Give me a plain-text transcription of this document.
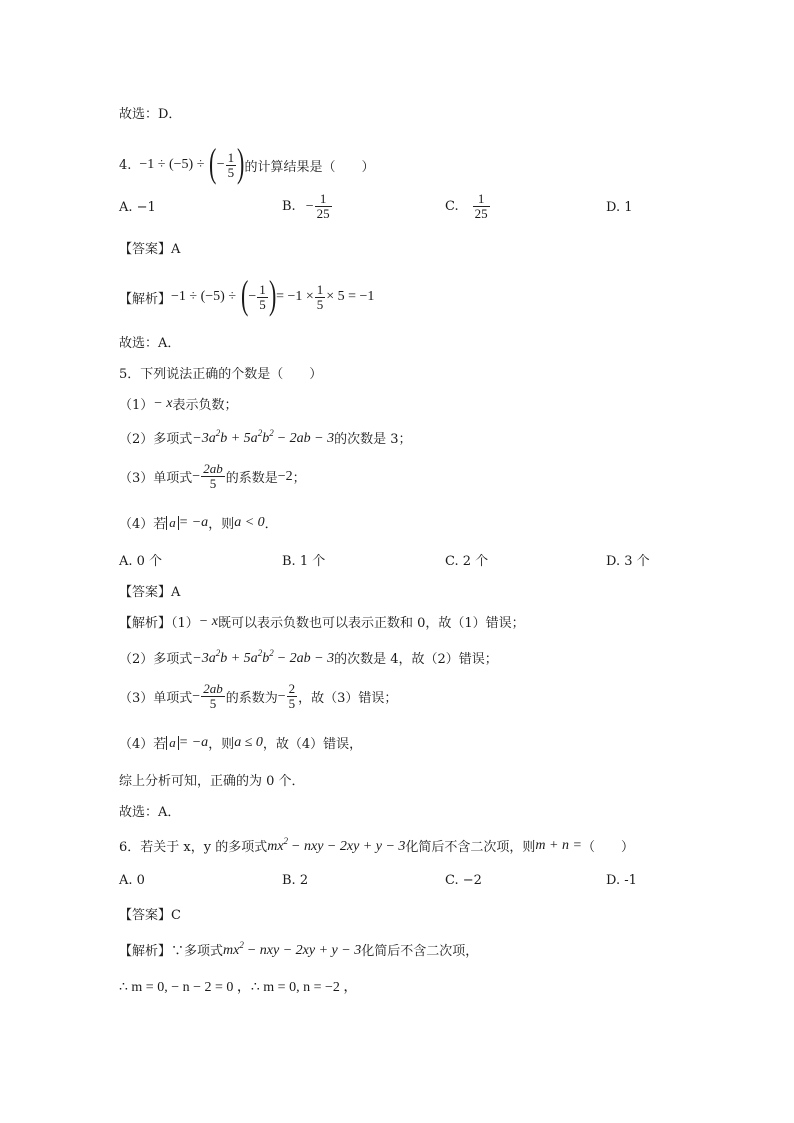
故选：D．
4. −1 ÷ (−5) ÷ ( − $\frac{1}{5}$ ) 的计算结果是（　　）
A. −1	B. − $\frac{1}{25}$	C. $\frac{1}{25}$	D. 1
【答案】A
【解析】 −1 ÷ (−5) ÷ ( − $\frac{1}{5}$ ) = $-1 \times \frac{1}{5} \times 5 = -1$
故选：A．
5．下列说法正确的个数是（　　）
（1） − x 表示负数；
（2）多项式 $-3a^2b + 5a^2b^2 - 2ab - 3$ 的次数是 3；
（3）单项式 − $\frac{2ab}{5}$ 的系数是 −2 ；
（4）若 a = −a ，则 a < 0 ．
A. 0 个	B. 1 个	C. 2 个	D. 3 个
【答案】A
【解析】（1） − x 既可以表示负数也可以表示正数和 0，故（1）错误；
（2）多项式 $-3a^2b + 5a^2b^2 - 2ab - 3$ 的次数是 4，故（2）错误；
（3）单项式 − $\frac{2ab}{5}$ 的系数为 − $\frac{2}{5}$ ，故（3）错误；
（4）若 a = −a ，则 a ≤ 0 ，故（4）错误，
综上分析可知，正确的为 0 个．
故选：A．
6．若关于 x，y 的多项式 $mx^2$ − nxy − 2xy + y − 3 化简后不含二次项，则 m + n = （　　）
A. 0	B. 2	C. −2	D. -1
【答案】C
【解析】∵多项式 $mx^2$ − nxy − 2xy + y − 3 化简后不含二次项，
∴ m = 0, − n − 2 = 0 ，∴ m = 0, n = −2 ，
